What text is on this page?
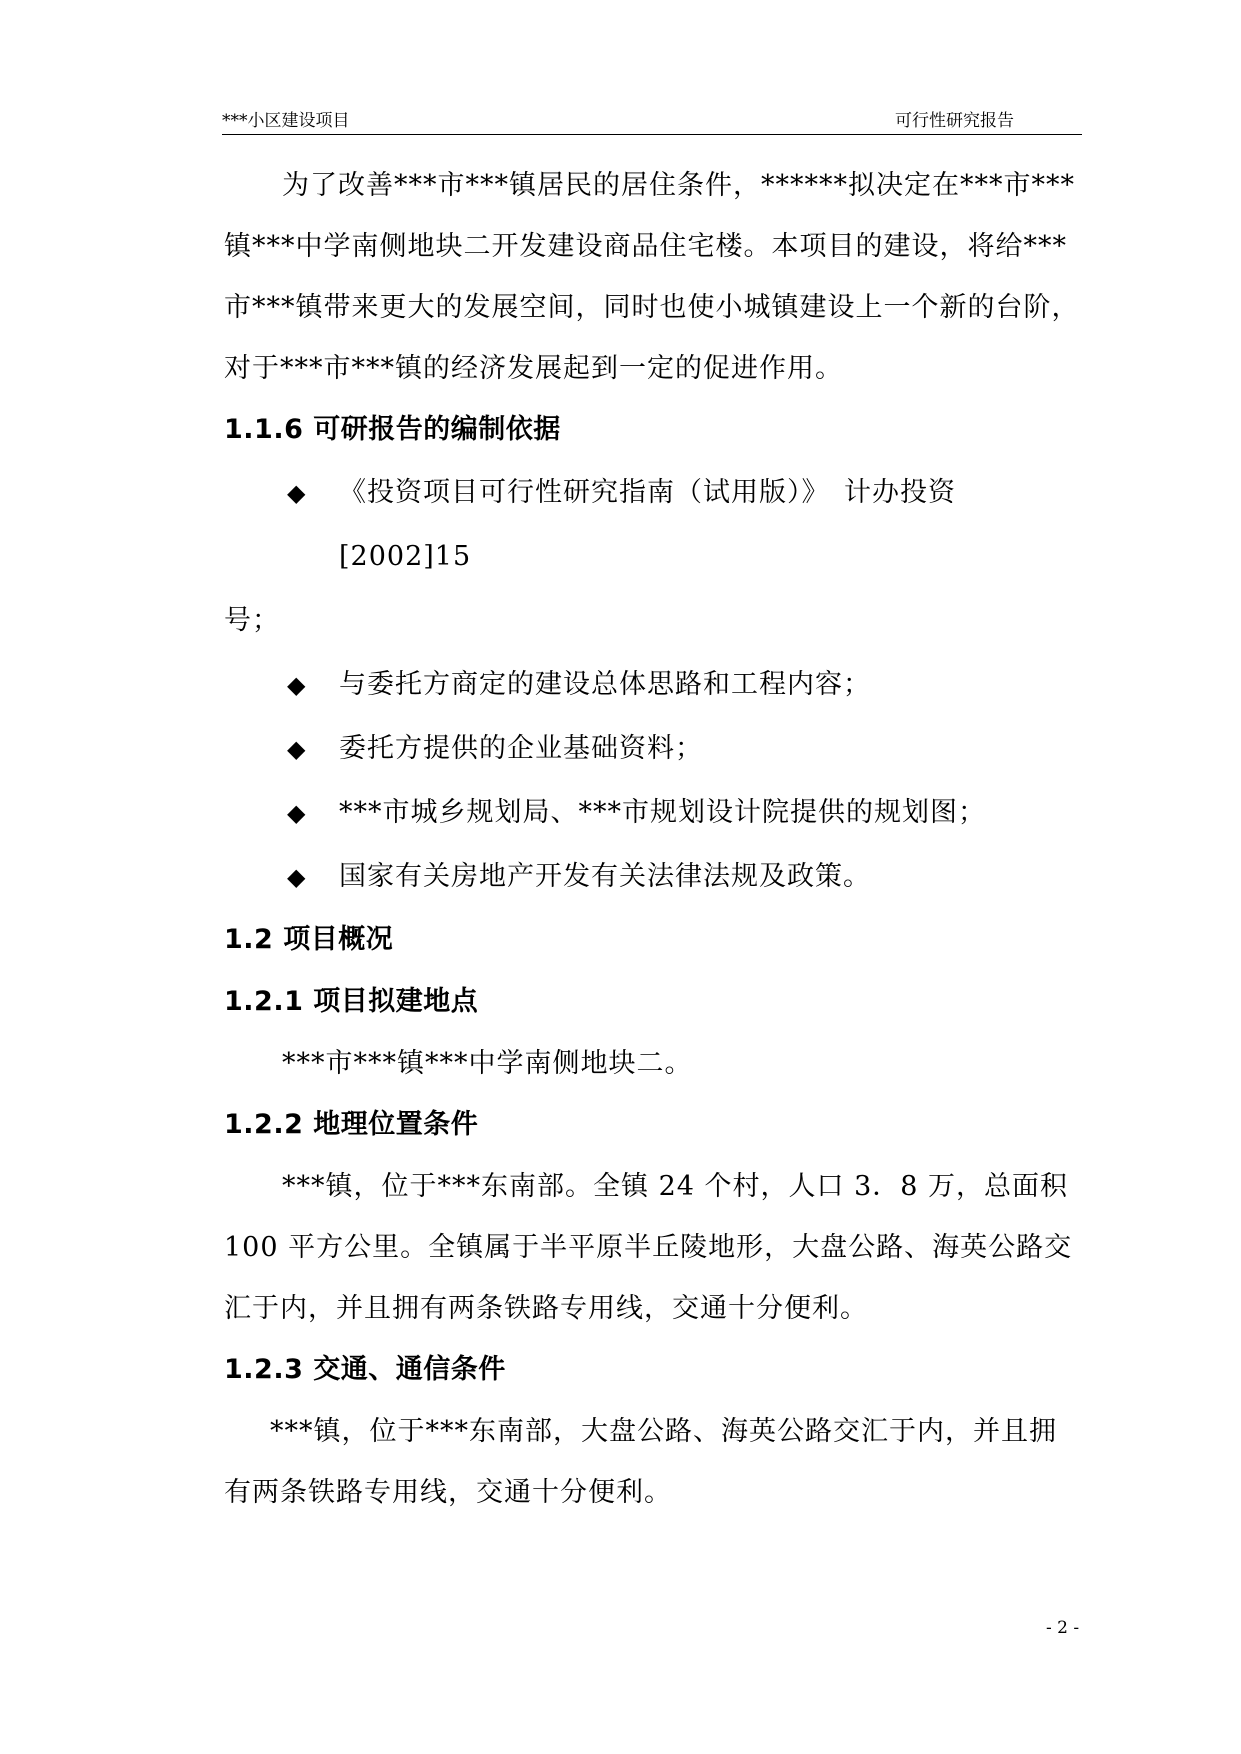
***小区建设项目	可行性研究报告

为了改善***市***镇居民的居住条件，******拟决定在***市***镇***中学南侧地块二开发建设商品住宅楼。本项目的建设，将给***市***镇带来更大的发展空间，同时也使小城镇建设上一个新的台阶，对于***市***镇的经济发展起到一定的促进作用。

1.1.6 可研报告的编制依据

◆ 《投资项目可行性研究指南（试用版）》　计办投资[2002]15

号；

◆ 与委托方商定的建设总体思路和工程内容；

◆ 委托方提供的企业基础资料；

◆ ***市城乡规划局、***市规划设计院提供的规划图；

◆ 国家有关房地产开发有关法律法规及政策。

1.2 项目概况

1.2.1 项目拟建地点

***市***镇***中学南侧地块二。

1.2.2 地理位置条件

***镇，位于***东南部。全镇 24 个村，人口 3．8 万，总面积 100 平方公里。全镇属于半平原半丘陵地形，大盘公路、海英公路交汇于内，并且拥有两条铁路专用线，交通十分便利。

1.2.3 交通、通信条件

***镇，位于***东南部，大盘公路、海英公路交汇于内，并且拥有两条铁路专用线，交通十分便利。

- 2 -
